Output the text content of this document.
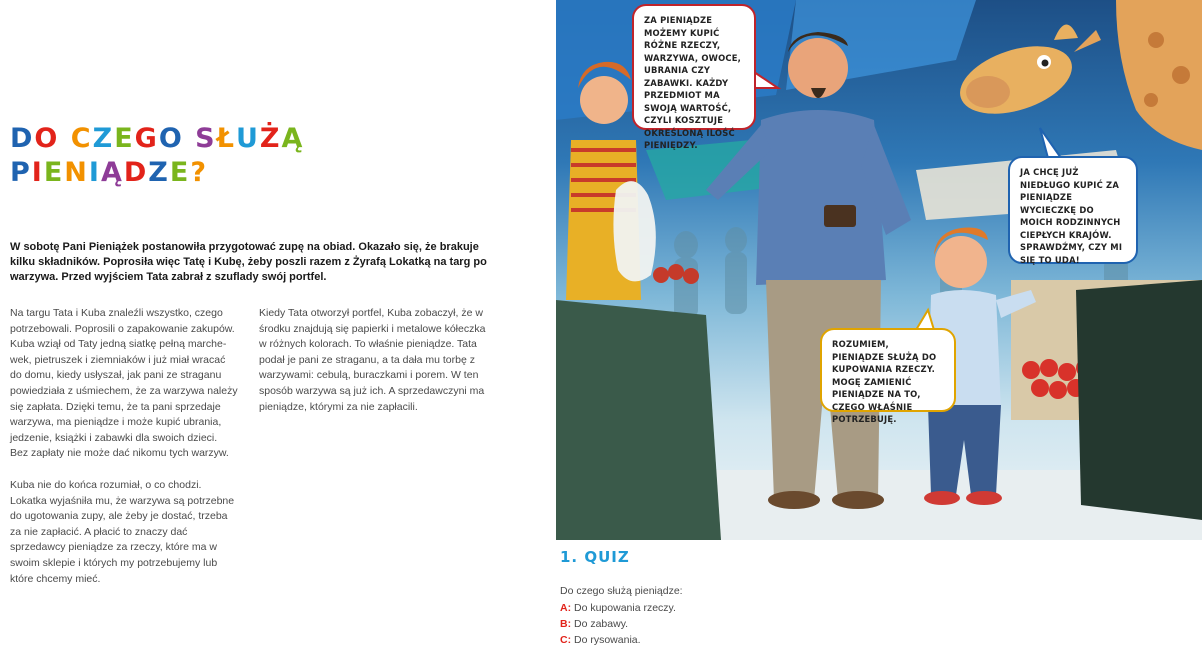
DO CZEGO SŁUŻĄ
PIENIĄDZE?

W sobotę Pani Pieniążek postanowiła przygotować zupę na obiad. Okazało się, że brakuje kilku składników. Poprosiła więc Tatę i Kubę, żeby poszli razem z Żyrafą Lokatką na targ po warzywa. Przed wyjściem Tata zabrał z szuflady swój portfel.

Na targu Tata i Kuba znaleźli wszystko, czego potrzebowali. Poprosili o zapakowanie zakupów. Kuba wziął od Taty jedną siatkę pełną marchewek, pietruszek i ziemniaków i już miał wracać do domu, kiedy usłyszał, jak pani ze straganu powiedziała z uśmiechem, że za warzywa należy się zapłata. Dzięki temu, że ta pani sprzedaje warzywa, ma pieniądze i może kupić ubrania, jedzenie, książki i zabawki dla swoich dzieci. Bez zapłaty nie może dać nikomu tych warzyw.

Kuba nie do końca rozumiał, o co chodzi. Lokatka wyjaśniła mu, że warzywa są potrzebne do ugotowania zupy, ale żeby je dostać, trzeba za nie zapłacić. A płacić to znaczy dać sprzedawcy pieniądze za rzeczy, które ma w swoim sklepie i których my potrzebujemy lub które chcemy mieć.

Kiedy Tata otworzył portfel, Kuba zobaczył, że w środku znajdują się papierki i metalowe kółeczka w różnych kolorach. To właśnie pieniądze. Tata podał je pani ze straganu, a ta dała mu torbę z warzywami: cebulą, buraczkami i porem. W ten sposób warzywa są już ich. A sprzedawczyni ma pieniądze, którymi za nie zapłacili.

ZA PIENIĄDZE MOŻEMY KUPIĆ RÓŻNE RZECZY, WARZYWA, OWOCE, UBRANIA CZY ZABAWKI. KAŻDY PRZEDMIOT MA SWOJĄ WARTOŚĆ, CZYLI KOSZTUJE OKREŚLONĄ ILOŚĆ PIENIĘDZY.
JA CHCĘ JUŻ NIEDŁUGO KUPIĆ ZA PIENIĄDZE WYCIECZKĘ DO MOICH RODZINNYCH CIEPŁYCH KRAJÓW. SPRAWDŹMY, CZY MI SIĘ TO UDA!
ROZUMIEM, PIENIĄDZE SŁUŻĄ DO KUPOWANIA RZECZY. MOGĘ ZAMIENIĆ PIENIĄDZE NA TO, CZEGO WŁAŚNIE POTRZEBUJĘ.
1. QUIZ
Do czego służą pieniądze:
A: Do kupowania rzeczy.
B: Do zabawy.
C: Do rysowania.
